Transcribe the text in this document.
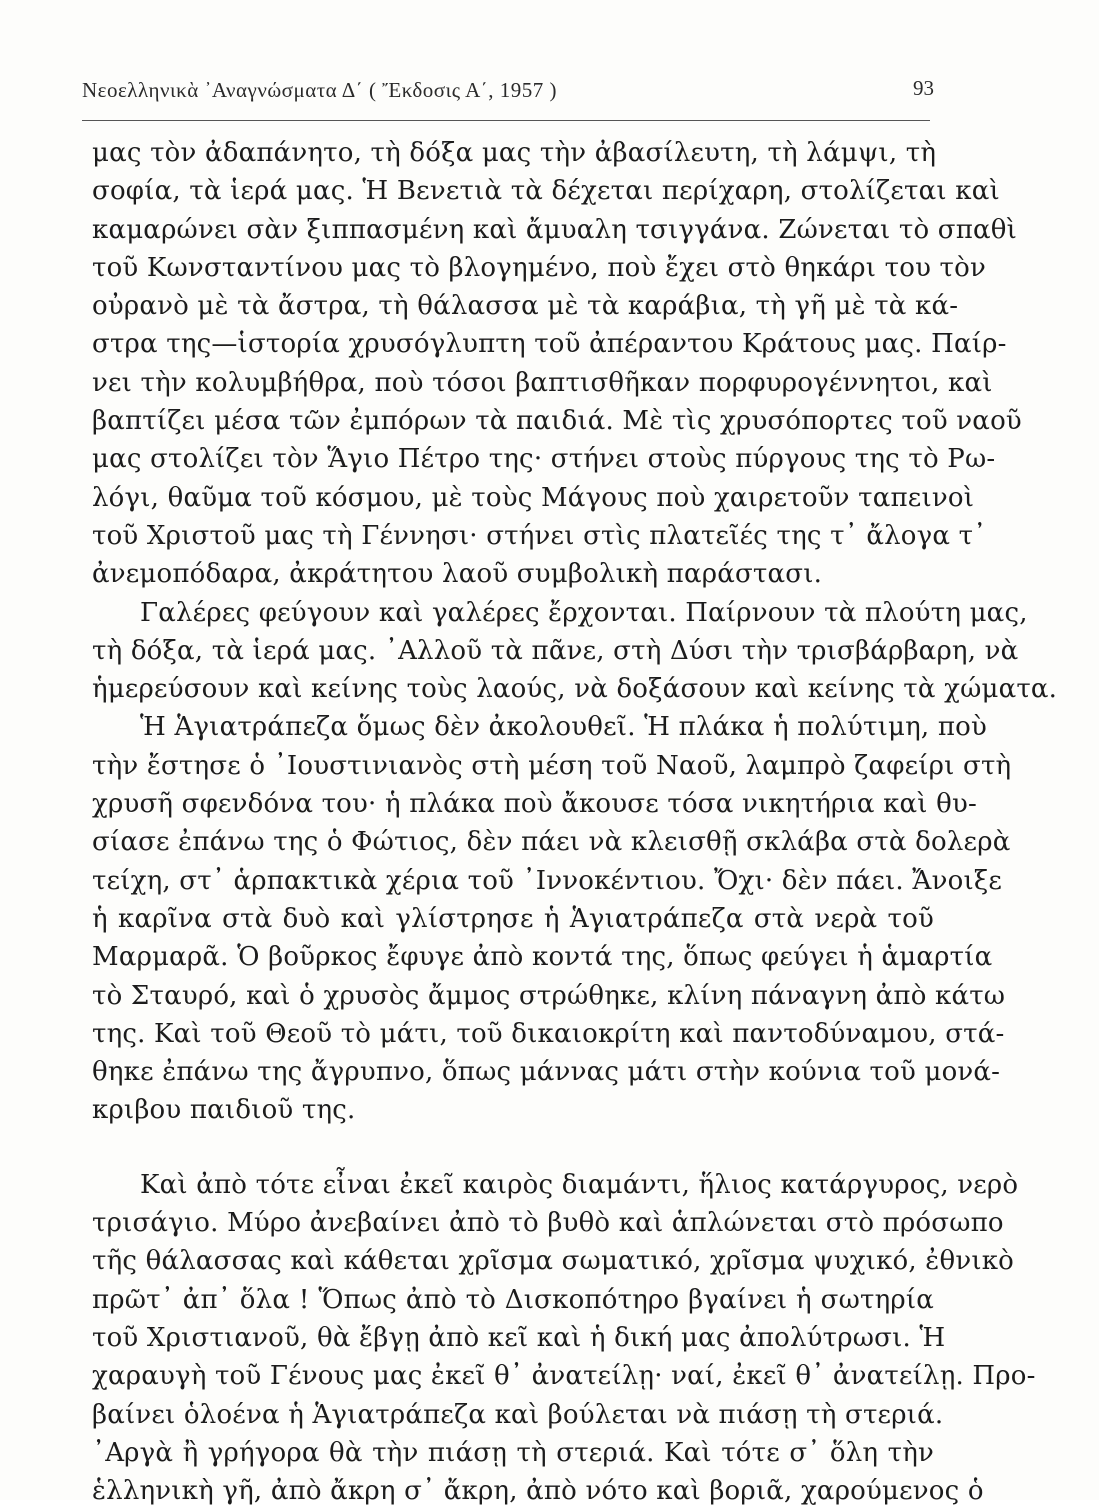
Νεοελληνικὰ ᾿Αναγνώσματα Δ΄ ( Ἔκδοσις Α΄, 1957 )	93
μας τὸν ἀδαπάνητο, τὴ δόξα μας τὴν ἀβασίλευτη, τὴ λάμψι, τὴ
σοφία, τὰ ἱερά μας. Ἡ Βενετιὰ τὰ δέχεται περίχαρη, στολίζεται καὶ
καμαρώνει σὰν ξιππασμένη καὶ ἄμυαλη τσιγγάνα. Ζώνεται τὸ σπαθὶ
τοῦ Κωνσταντίνου μας τὸ βλογημένο, ποὺ ἔχει στὸ θηκάρι του τὸν
οὐρανὸ μὲ τὰ ἄστρα, τὴ θάλασσα μὲ τὰ καράβια, τὴ γῆ μὲ τὰ κά-
στρα της—ἱστορία χρυσόγλυπτη τοῦ ἀπέραντου Κράτους μας. Παίρ-
νει τὴν κολυμβήθρα, ποὺ τόσοι βαπτισθῆκαν πορφυρογέννητοι, καὶ
βαπτίζει μέσα τῶν ἐμπόρων τὰ παιδιά. Μὲ τὶς χρυσόπορτες τοῦ ναοῦ
μας στολίζει τὸν Ἅγιο Πέτρο της· στήνει στοὺς πύργους της τὸ Ρω-
λόγι, θαῦμα τοῦ κόσμου, μὲ τοὺς Μάγους ποὺ χαιρετοῦν ταπεινοὶ
τοῦ Χριστοῦ μας τὴ Γέννησι· στήνει στὶς πλατεῖές της τ᾿ ἄλογα τ᾿
ἀνεμοπόδαρα, ἀκράτητου λαοῦ συμβολικὴ παράστασι.
Γαλέρες φεύγουν καὶ γαλέρες ἔρχονται. Παίρνουν τὰ πλούτη μας,
τὴ δόξα, τὰ ἱερά μας. ᾿Αλλοῦ τὰ πᾶνε, στὴ Δύσι τὴν τρισβάρβαρη, νὰ
ἡμερεύσουν καὶ κείνης τοὺς λαούς, νὰ δοξάσουν καὶ κείνης τὰ χώματα.
Ἡ Ἁγιατράπεζα ὅμως δὲν ἀκολουθεῖ. Ἡ πλάκα ἡ πολύτιμη, ποὺ
τὴν ἔστησε ὁ ᾿Ιουστινιανὸς στὴ μέση τοῦ Ναοῦ, λαμπρὸ ζαφείρι στὴ
χρυσῆ σφενδόνα του· ἡ πλάκα ποὺ ἄκουσε τόσα νικητήρια καὶ θυ-
σίασε ἐπάνω της ὁ Φώτιος, δὲν πάει νὰ κλεισθῇ σκλάβα στὰ δολερὰ
τείχη, στ᾿ ἁρπακτικὰ χέρια τοῦ ᾿Ιννοκέντιου. Ὄχι· δὲν πάει. Ἄνοιξε
ἡ καρῖνα στὰ δυὸ καὶ γλίστρησε ἡ Ἁγιατράπεζα στὰ νερὰ τοῦ
Μαρμαρᾶ. Ὁ βοῦρκος ἔφυγε ἀπὸ κοντά της, ὅπως φεύγει ἡ ἁμαρτία
τὸ Σταυρό, καὶ ὁ χρυσὸς ἄμμος στρώθηκε, κλίνη πάναγνη ἀπὸ κάτω
της. Καὶ τοῦ Θεοῦ τὸ μάτι, τοῦ δικαιοκρίτη καὶ παντοδύναμου, στά-
θηκε ἐπάνω της ἄγρυπνο, ὅπως μάννας μάτι στὴν κούνια τοῦ μονά-
κριβου παιδιοῦ της.
Καὶ ἀπὸ τότε εἶναι ἐκεῖ καιρὸς διαμάντι, ἥλιος κατάργυρος, νερὸ
τρισάγιο. Μύρο ἀνεβαίνει ἀπὸ τὸ βυθὸ καὶ ἁπλώνεται στὸ πρόσωπο
τῆς θάλασσας καὶ κάθεται χρῖσμα σωματικό, χρῖσμα ψυχικό, ἐθνικὸ
πρῶτ᾿ ἀπ᾿ ὅλα ! Ὅπως ἀπὸ τὸ Δισκοπότηρο βγαίνει ἡ σωτηρία
τοῦ Χριστιανοῦ, θὰ ἔβγῃ ἀπὸ κεῖ καὶ ἡ δική μας ἀπολύτρωσι. Ἡ
χαραυγὴ τοῦ Γένους μας ἐκεῖ θ᾿ ἀνατείλῃ· ναί, ἐκεῖ θ᾿ ἀνατείλῃ. Προ-
βαίνει ὁλοένα ἡ Ἁγιατράπεζα καὶ βούλεται νὰ πιάσῃ τὴ στεριά.
᾿Αργὰ ἢ γρήγορα θὰ τὴν πιάσῃ τὴ στεριά. Καὶ τότε σ᾿ ὅλη τὴν
ἑλληνικὴ γῆ, ἀπὸ ἄκρη σ᾿ ἄκρη, ἀπὸ νότο καὶ βοριᾶ, χαρούμενος ὁ
